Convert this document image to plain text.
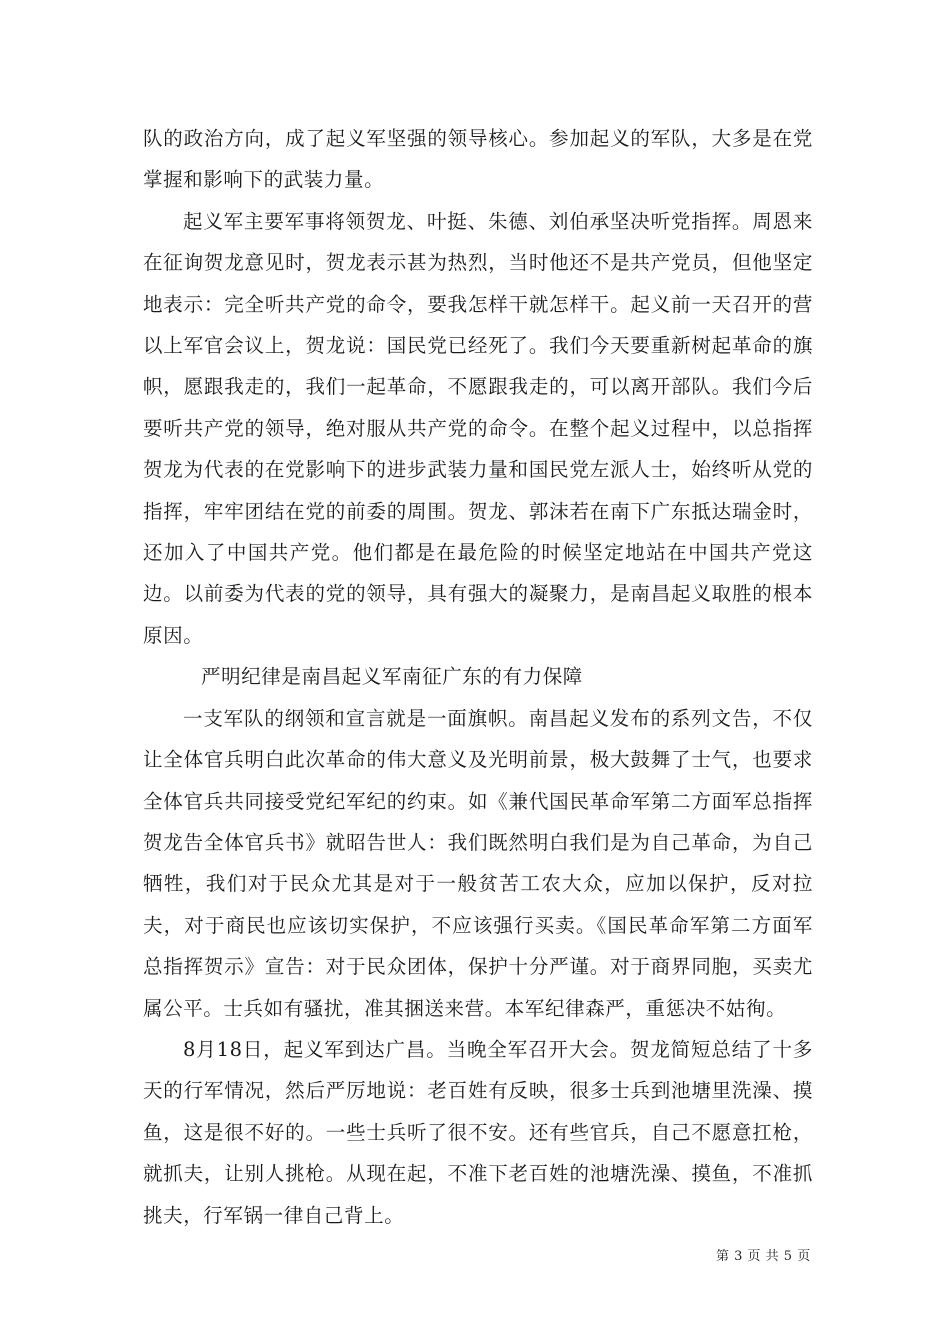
队的政治方向，成了起义军坚强的领导核心。参加起义的军队，大多是在党掌握和影响下的武装力量。

起义军主要军事将领贺龙、叶挺、朱德、刘伯承坚决听党指挥。周恩来在征询贺龙意见时，贺龙表示甚为热烈，当时他还不是共产党员，但他坚定地表示：完全听共产党的命令，要我怎样干就怎样干。起义前一天召开的营以上军官会议上，贺龙说：国民党已经死了。我们今天要重新树起革命的旗帜，愿跟我走的，我们一起革命，不愿跟我走的，可以离开部队。我们今后要听共产党的领导，绝对服从共产党的命令。在整个起义过程中，以总指挥贺龙为代表的在党影响下的进步武装力量和国民党左派人士，始终听从党的指挥，牢牢团结在党的前委的周围。贺龙、郭沫若在南下广东抵达瑞金时，还加入了中国共产党。他们都是在最危险的时候坚定地站在中国共产党这边。以前委为代表的党的领导，具有强大的凝聚力，是南昌起义取胜的根本原因。

严明纪律是南昌起义军南征广东的有力保障

一支军队的纲领和宣言就是一面旗帜。南昌起义发布的系列文告，不仅让全体官兵明白此次革命的伟大意义及光明前景，极大鼓舞了士气，也要求全体官兵共同接受党纪军纪的约束。如《兼代国民革命军第二方面军总指挥贺龙告全体官兵书》就昭告世人：我们既然明白我们是为自己革命，为自己牺牲，我们对于民众尤其是对于一般贫苦工农大众，应加以保护，反对拉夫，对于商民也应该切实保护，不应该强行买卖。《国民革命军第二方面军总指挥贺示》宣告：对于民众团体，保护十分严谨。对于商界同胞，买卖尤属公平。士兵如有骚扰，准其捆送来营。本军纪律森严，重惩决不姑徇。

8月18日，起义军到达广昌。当晚全军召开大会。贺龙简短总结了十多天的行军情况，然后严厉地说：老百姓有反映，很多士兵到池塘里洗澡、摸鱼，这是很不好的。一些士兵听了很不安。还有些官兵，自己不愿意扛枪，就抓夫，让别人挑枪。从现在起，不准下老百姓的池塘洗澡、摸鱼，不准抓挑夫，行军锅一律自己背上。

第 3 页 共 5 页
